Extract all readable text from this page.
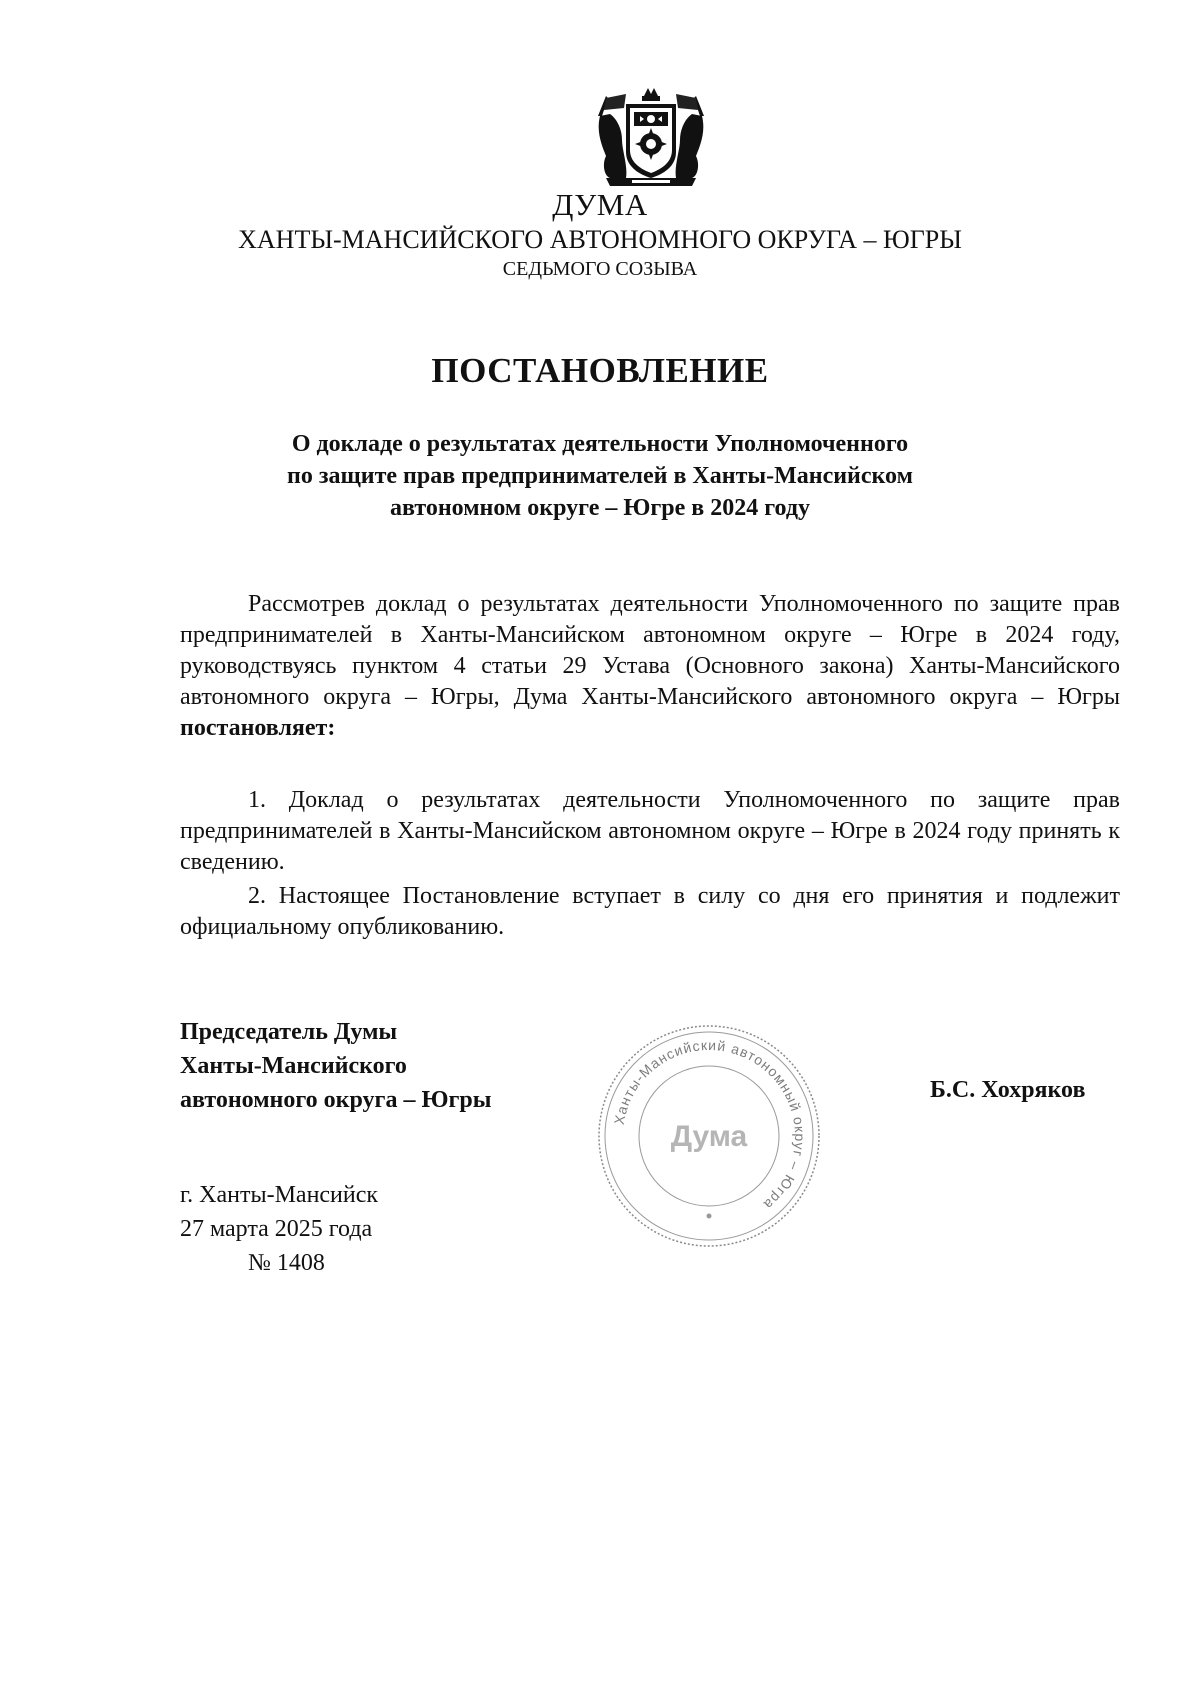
ДУМА
ХАНТЫ-МАНСИЙСКОГО АВТОНОМНОГО ОКРУГА – ЮГРЫ
СЕДЬМОГО СОЗЫВА
ПОСТАНОВЛЕНИЕ
О докладе о результатах деятельности Уполномоченного
по защите прав предпринимателей в Ханты-Мансийском
автономном округе – Югре в 2024 году
Рассмотрев доклад о результатах деятельности Уполномоченного по защите прав предпринимателей в Ханты-Мансийском автономном округе – Югре в 2024 году, руководствуясь пунктом 4 статьи 29 Устава (Основного закона) Ханты-Мансийского автономного округа – Югры, Дума Ханты-Мансийского автономного округа – Югры постановляет:
1. Доклад о результатах деятельности Уполномоченного по защите прав предпринимателей в Ханты-Мансийском автономном округе – Югре в 2024 году принять к сведению.
2. Настоящее Постановление вступает в силу со дня его принятия и подлежит официальному опубликованию.
Председатель Думы
Ханты-Мансийского
автономного округа – Югры
Ханты-Мансийский автономный округ – Югра
Дума
Б.С. Хохряков
г. Ханты-Мансийск
27 марта 2025 года
№ 1408
